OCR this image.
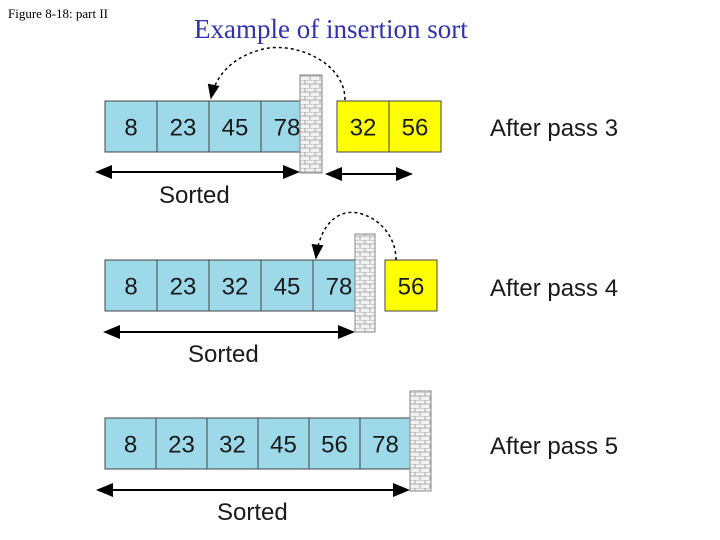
Figure 8-18: part II
Example of insertion sort
8 23 45 78 32 56	After pass 3
Sorted
8 23 32 45 78 56	After pass 4
Sorted
8 23 32 45 56 78	After pass 5
Sorted
